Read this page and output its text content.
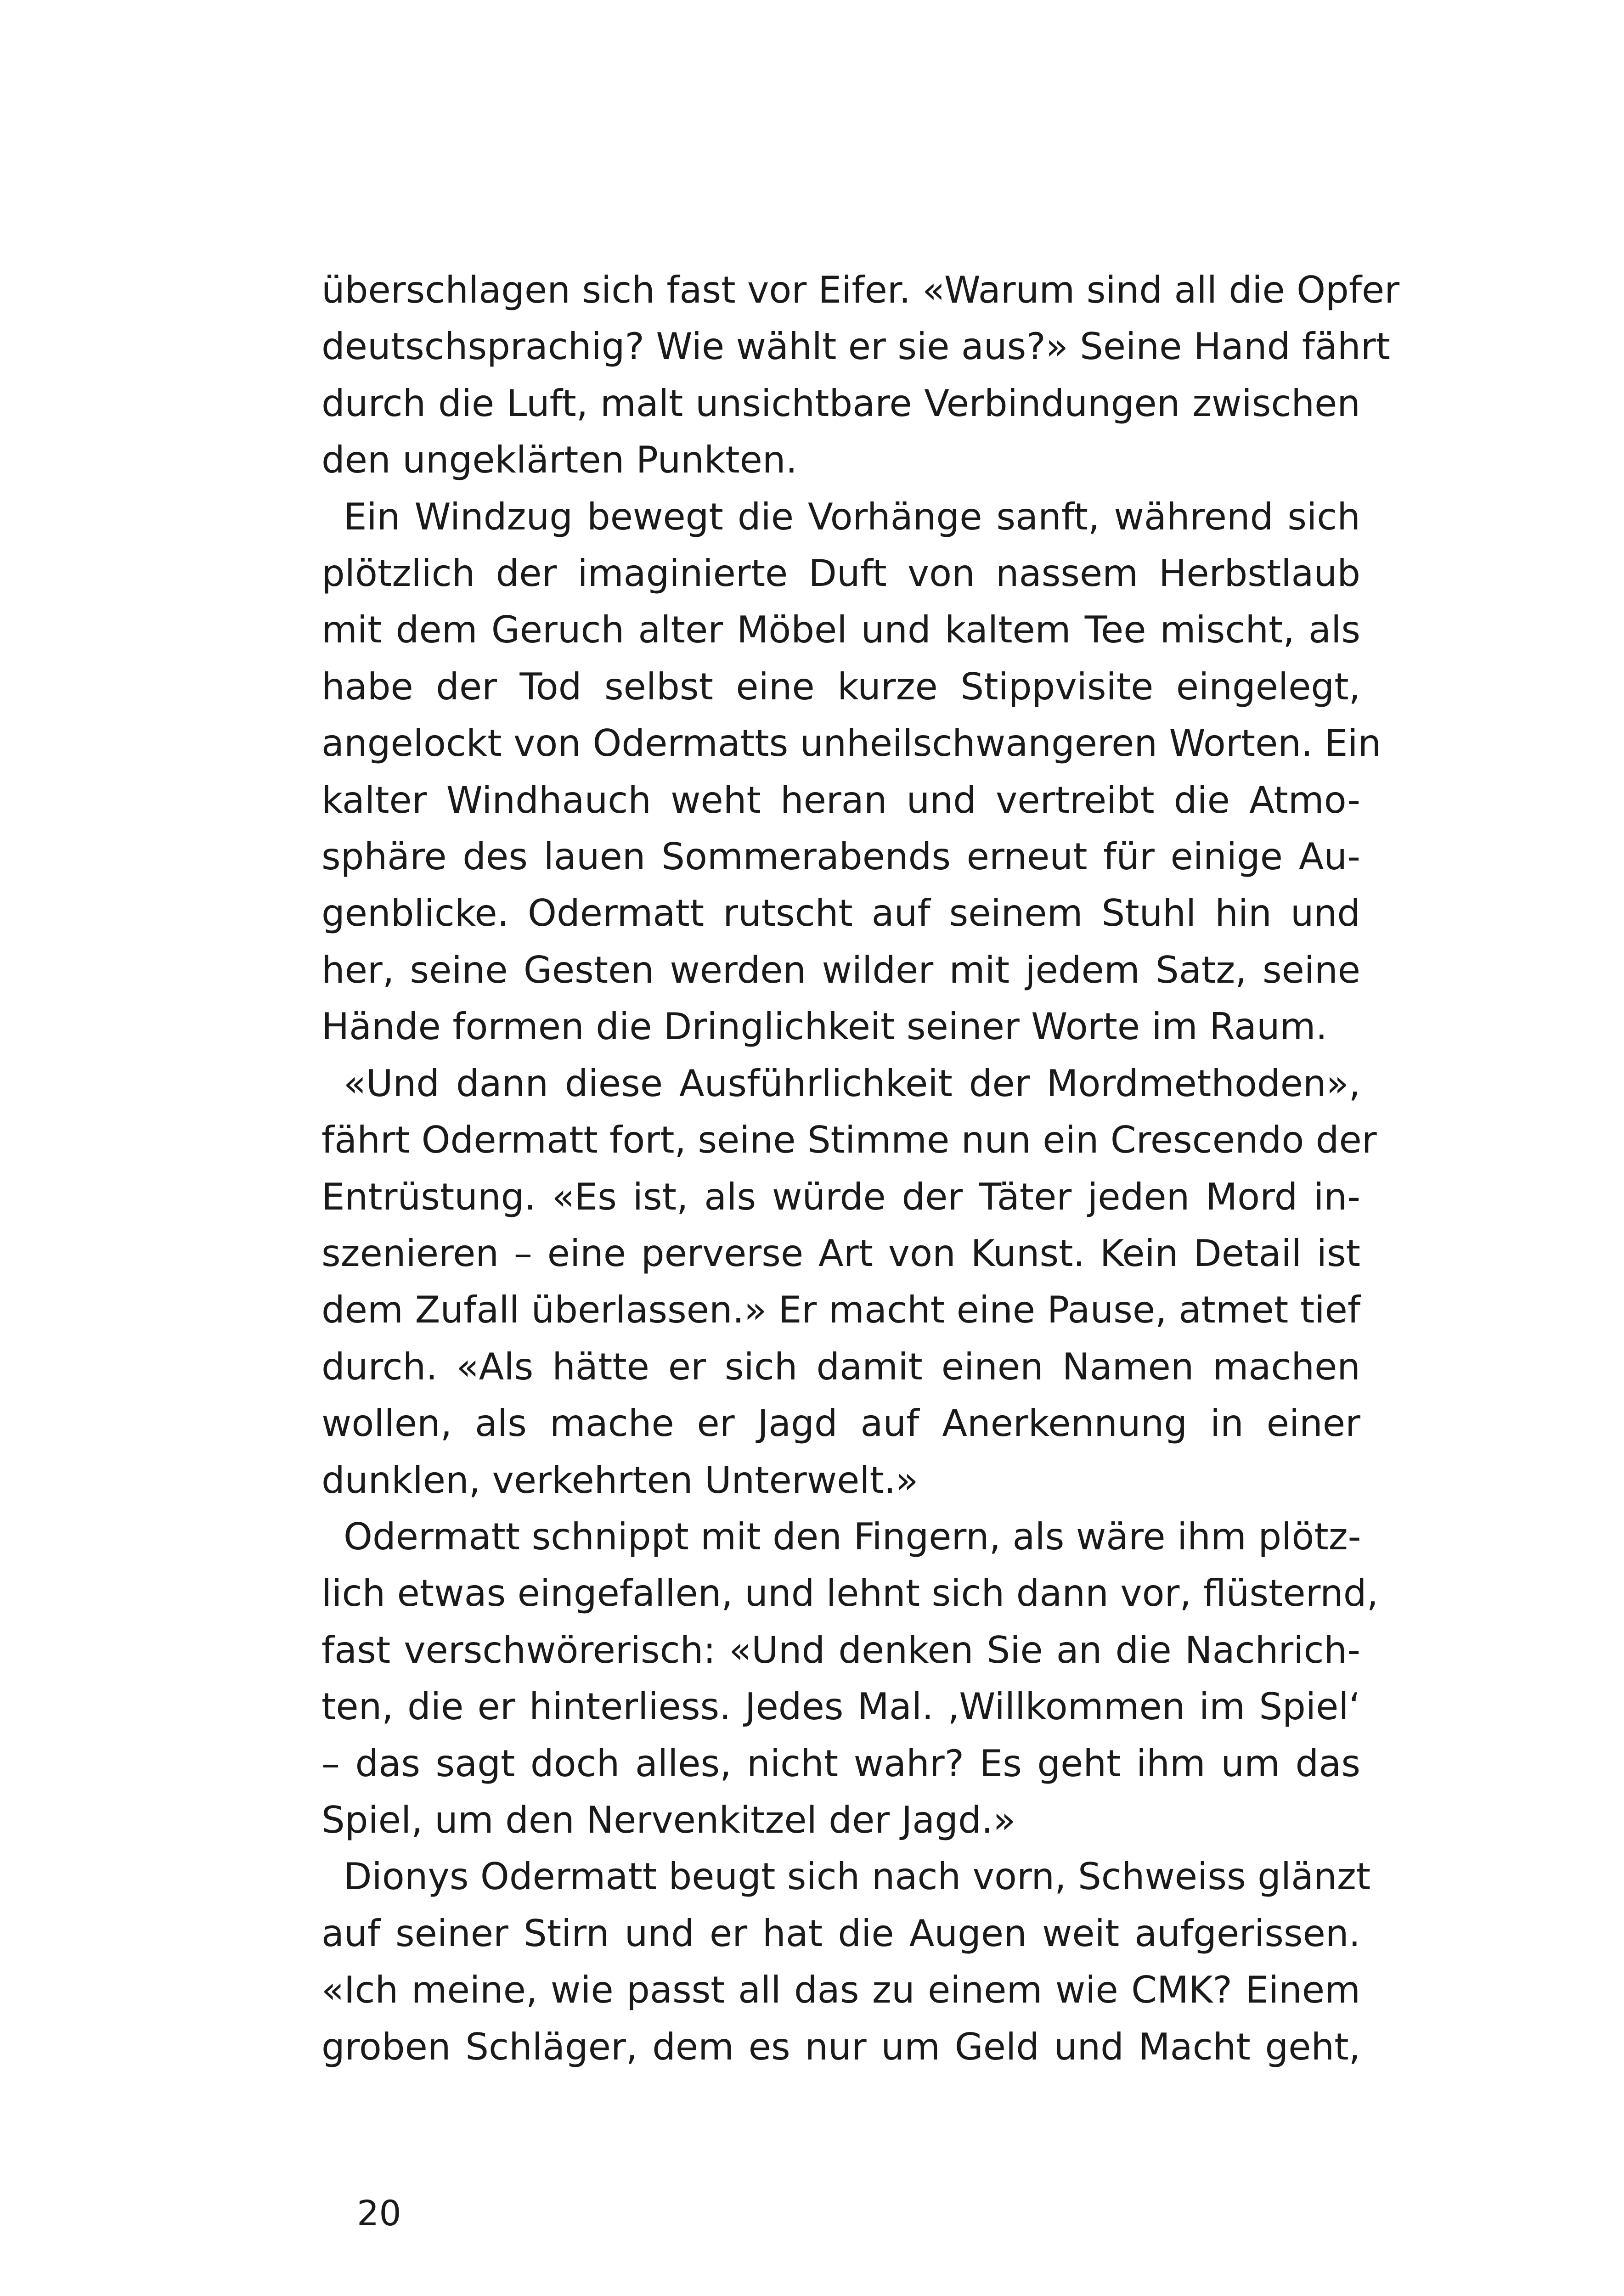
überschlagen sich fast vor Eifer. «Warum sind all die Opfer
deutschsprachig? Wie wählt er sie aus?» Seine Hand fährt
durch die Luft, malt unsichtbare Verbindungen zwischen
den ungeklärten Punkten.

Ein Windzug bewegt die Vorhänge sanft, während sich
plötzlich der imaginierte Duft von nassem Herbstlaub
mit dem Geruch alter Möbel und kaltem Tee mischt, als
habe der Tod selbst eine kurze Stippvisite eingelegt,
angelockt von Odermatts unheilschwangeren Worten. Ein
kalter Windhauch weht heran und vertreibt die Atmo-
sphäre des lauen Sommerabends erneut für einige Au-
genblicke. Odermatt rutscht auf seinem Stuhl hin und
her, seine Gesten werden wilder mit jedem Satz, seine
Hände formen die Dringlichkeit seiner Worte im Raum.

«Und dann diese Ausführlichkeit der Mordmethoden»,
fährt Odermatt fort, seine Stimme nun ein Crescendo der
Entrüstung. «Es ist, als würde der Täter jeden Mord in-
szenieren – eine perverse Art von Kunst. Kein Detail ist
dem Zufall überlassen.» Er macht eine Pause, atmet tief
durch. «Als hätte er sich damit einen Namen machen
wollen, als mache er Jagd auf Anerkennung in einer
dunklen, verkehrten Unterwelt.»

Odermatt schnippt mit den Fingern, als wäre ihm plötz-
lich etwas eingefallen, und lehnt sich dann vor, flüsternd,
fast verschwörerisch: «Und denken Sie an die Nachrich-
ten, die er hinterliess. Jedes Mal. ‚Willkommen im Spiel‘
– das sagt doch alles, nicht wahr? Es geht ihm um das
Spiel, um den Nervenkitzel der Jagd.»

Dionys Odermatt beugt sich nach vorn, Schweiss glänzt
auf seiner Stirn und er hat die Augen weit aufgerissen.
«Ich meine, wie passt all das zu einem wie CMK? Einem
groben Schläger, dem es nur um Geld und Macht geht,

20
